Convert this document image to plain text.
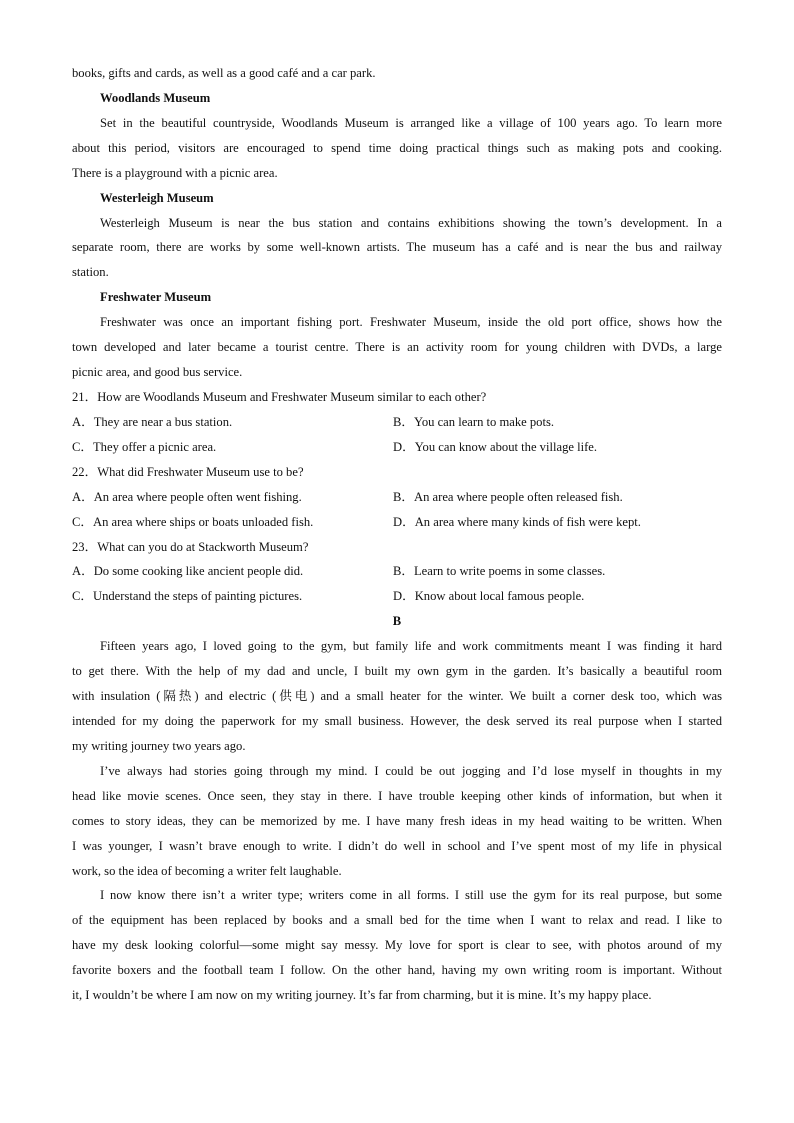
books, gifts and cards, as well as a good café and a car park.
Woodlands Museum
Set in the beautiful countryside, Woodlands Museum is arranged like a village of 100 years ago. To learn more
about this period, visitors are encouraged to spend time doing practical things such as making pots and cooking.
There is a playground with a picnic area.
Westerleigh Museum
Westerleigh Museum is near the bus station and contains exhibitions showing the town’s development. In a
separate room, there are works by some well-known artists. The museum has a café and is near the bus and railway
station.
Freshwater Museum
Freshwater was once an important fishing port. Freshwater Museum, inside the old port office, shows how the
town developed and later became a tourist centre. There is an activity room for young children with DVDs, a large
picnic area, and good bus service.
21．How are Woodlands Museum and Freshwater Museum similar to each other?
A．They are near a bus station.	B．You can learn to make pots.
C．They offer a picnic area.	D．You can know about the village life.
22．What did Freshwater Museum use to be?
A．An area where people often went fishing.	B．An area where people often released fish.
C．An area where ships or boats unloaded fish.	D．An area where many kinds of fish were kept.
23．What can you do at Stackworth Museum?
A．Do some cooking like ancient people did.	B．Learn to write poems in some classes.
C．Understand the steps of painting pictures.	D．Know about local famous people.
B
Fifteen years ago, I loved going to the gym, but family life and work commitments meant I was finding it hard
to get there. With the help of my dad and uncle, I built my own gym in the garden. It’s basically a beautiful room
with insulation (隔热) and electric (供电) and a small heater for the winter. We built a corner desk too, which was
intended for my doing the paperwork for my small business. However, the desk served its real purpose when I started
my writing journey two years ago.
I’ve always had stories going through my mind. I could be out jogging and I’d lose myself in thoughts in my
head like movie scenes. Once seen, they stay in there. I have trouble keeping other kinds of information, but when it
comes to story ideas, they can be memorized by me. I have many fresh ideas in my head waiting to be written. When
I was younger, I wasn’t brave enough to write. I didn’t do well in school and I’ve spent most of my life in physical
work, so the idea of becoming a writer felt laughable.
I now know there isn’t a writer type; writers come in all forms. I still use the gym for its real purpose, but some
of the equipment has been replaced by books and a small bed for the time when I want to relax and read. I like to
have my desk looking colorful—some might say messy. My love for sport is clear to see, with photos around of my
favorite boxers and the football team I follow. On the other hand, having my own writing room is important. Without
it, I wouldn’t be where I am now on my writing journey. It’s far from charming, but it is mine. It’s my happy place.
